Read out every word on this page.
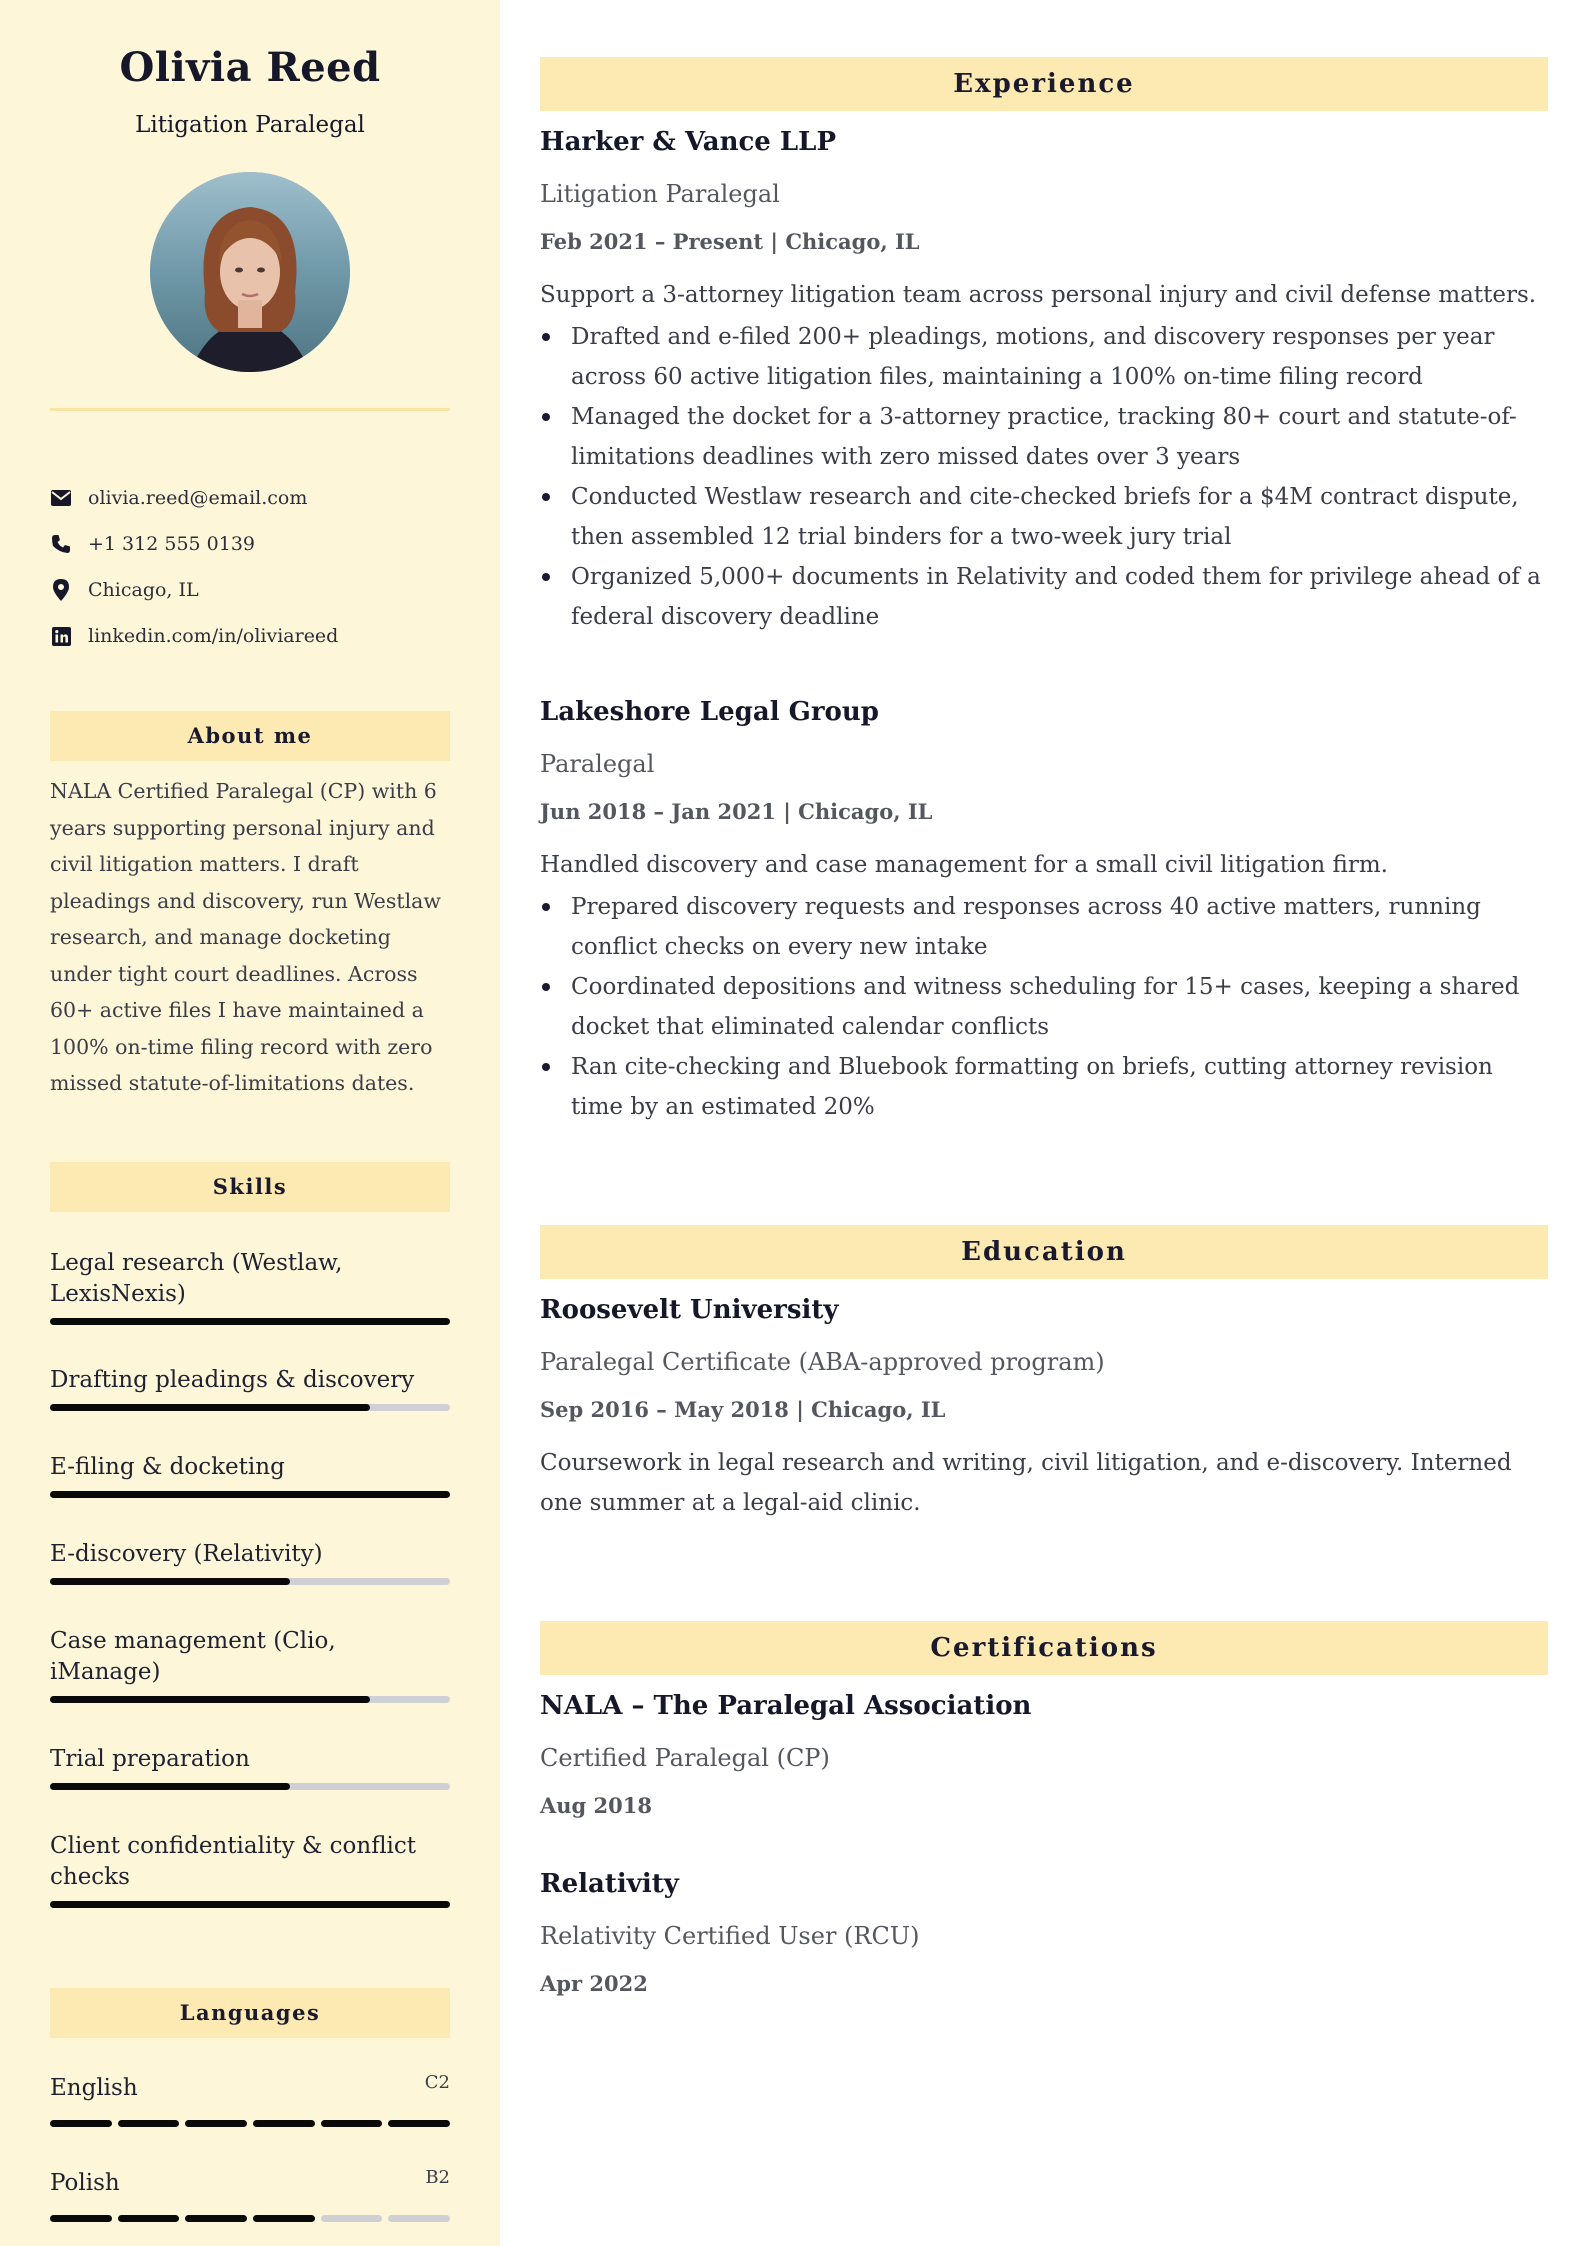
Olivia Reed
Litigation Paralegal
olivia.reed@email.com
+1 312 555 0139
Chicago, IL
linkedin.com/in/oliviareed
About me
NALA Certified Paralegal (CP) with 6 years supporting personal injury and civil litigation matters. I draft pleadings and discovery, run Westlaw research, and manage docketing under tight court deadlines. Across 60+ active files I have maintained a 100% on-time filing record with zero missed statute-of-limitations dates.
Skills
Legal research (Westlaw, LexisNexis)
Drafting pleadings & discovery
E-filing & docketing
E-discovery (Relativity)
Case management (Clio, iManage)
Trial preparation
Client confidentiality & conflict checks
Languages
English	C2
Polish	B2
Experience
Harker & Vance LLP
Litigation Paralegal
Feb 2021 – Present | Chicago, IL
Support a 3-attorney litigation team across personal injury and civil defense matters.
Drafted and e-filed 200+ pleadings, motions, and discovery responses per year across 60 active litigation files, maintaining a 100% on-time filing record
Managed the docket for a 3-attorney practice, tracking 80+ court and statute-of-limitations deadlines with zero missed dates over 3 years
Conducted Westlaw research and cite-checked briefs for a $4M contract dispute, then assembled 12 trial binders for a two-week jury trial
Organized 5,000+ documents in Relativity and coded them for privilege ahead of a federal discovery deadline
Lakeshore Legal Group
Paralegal
Jun 2018 – Jan 2021 | Chicago, IL
Handled discovery and case management for a small civil litigation firm.
Prepared discovery requests and responses across 40 active matters, running conflict checks on every new intake
Coordinated depositions and witness scheduling for 15+ cases, keeping a shared docket that eliminated calendar conflicts
Ran cite-checking and Bluebook formatting on briefs, cutting attorney revision time by an estimated 20%
Education
Roosevelt University
Paralegal Certificate (ABA-approved program)
Sep 2016 – May 2018 | Chicago, IL
Coursework in legal research and writing, civil litigation, and e-discovery. Interned one summer at a legal-aid clinic.
Certifications
NALA – The Paralegal Association
Certified Paralegal (CP)
Aug 2018
Relativity
Relativity Certified User (RCU)
Apr 2022
